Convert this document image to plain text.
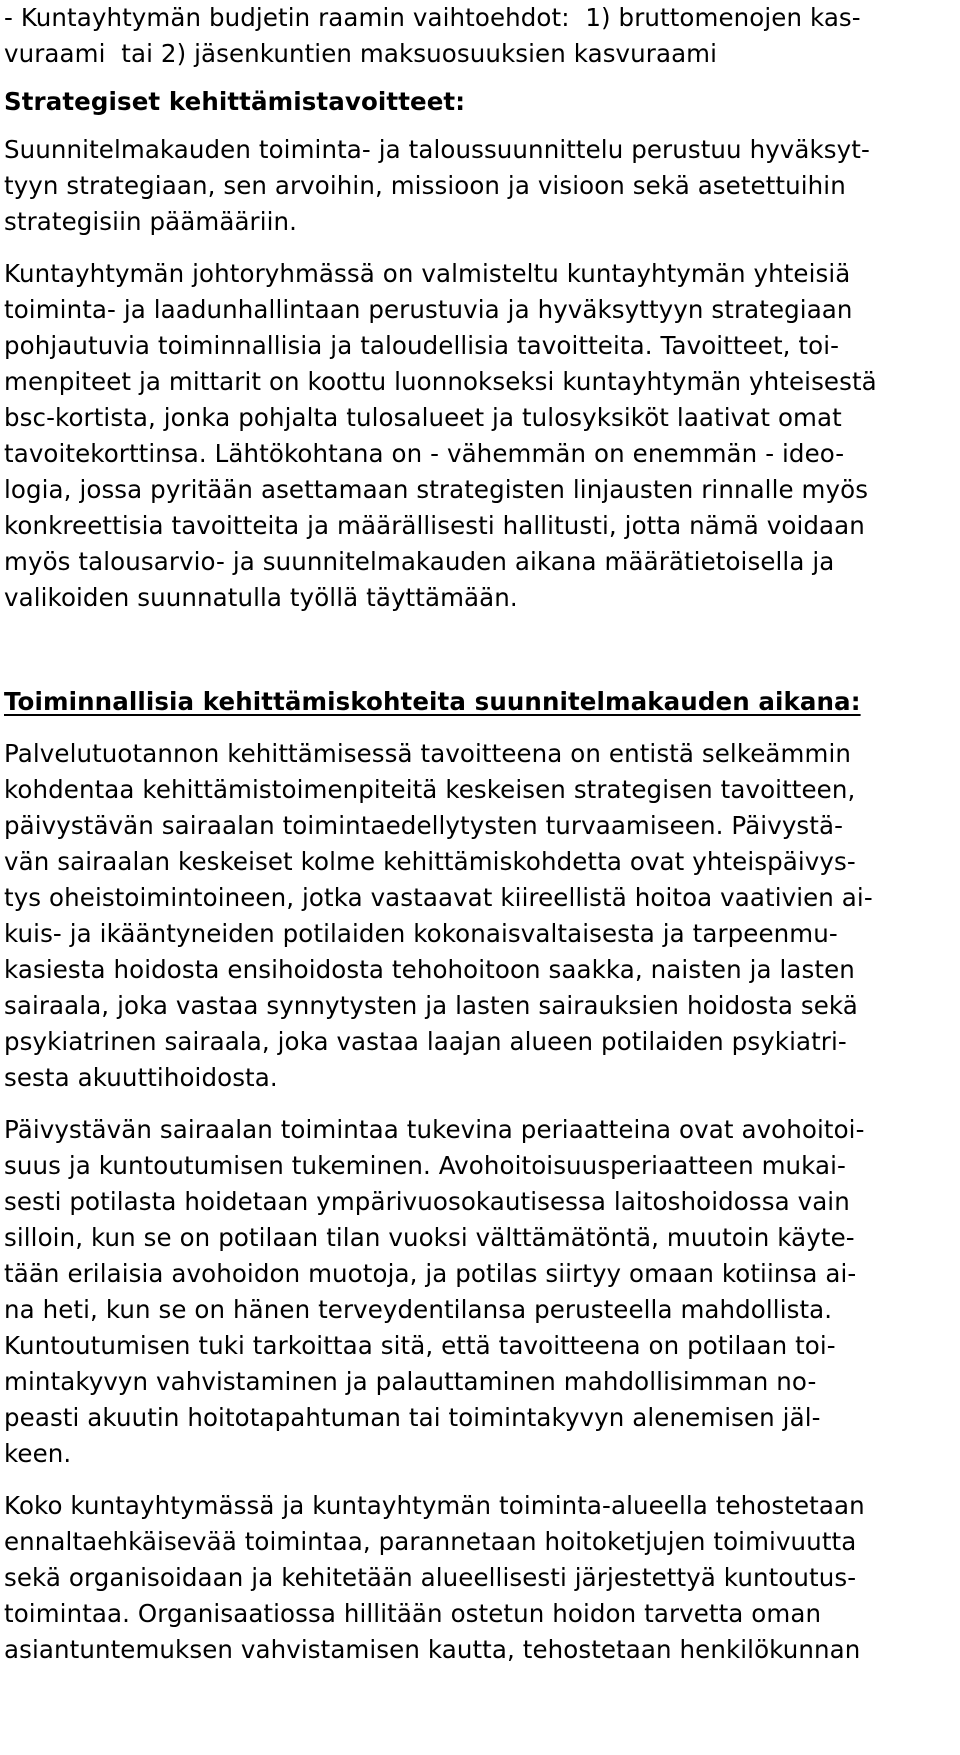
- Kuntayhtymän budjetin raamin vaihtoehdot:  1) bruttomenojen kas-
vuraami  tai 2) jäsenkuntien maksuosuuksien kasvuraami
Strategiset kehittämistavoitteet:
Suunnitelmakauden toiminta- ja taloussuunnittelu perustuu hyväksyt-
tyyn strategiaan, sen arvoihin, missioon ja visioon sekä asetettuihin
strategisiin päämääriin.
Kuntayhtymän johtoryhmässä on valmisteltu kuntayhtymän yhteisiä
toiminta- ja laadunhallintaan perustuvia ja hyväksyttyyn strategiaan
pohjautuvia toiminnallisia ja taloudellisia tavoitteita. Tavoitteet, toi-
menpiteet ja mittarit on koottu luonnokseksi kuntayhtymän yhteisestä
bsc-kortista, jonka pohjalta tulosalueet ja tulosyksiköt laativat omat
tavoitekorttinsa. Lähtökohtana on - vähemmän on enemmän - ideo-
logia, jossa pyritään asettamaan strategisten linjausten rinnalle myös
konkreettisia tavoitteita ja määrällisesti hallitusti, jotta nämä voidaan
myös talousarvio- ja suunnitelmakauden aikana määrätietoisella ja
valikoiden suunnatulla työllä täyttämään.
Toiminnallisia kehittämiskohteita suunnitelmakauden aikana:
Palvelutuotannon kehittämisessä tavoitteena on entistä selkeämmin
kohdentaa kehittämistoimenpiteitä keskeisen strategisen tavoitteen,
päivystävän sairaalan toimintaedellytysten turvaamiseen. Päivystä-
vän sairaalan keskeiset kolme kehittämiskohdetta ovat yhteispäivys-
tys oheistoimintoineen, jotka vastaavat kiireellistä hoitoa vaativien ai-
kuis- ja ikääntyneiden potilaiden kokonaisvaltaisesta ja tarpeenmu-
kasiesta hoidosta ensihoidosta tehohoitoon saakka, naisten ja lasten
sairaala, joka vastaa synnytysten ja lasten sairauksien hoidosta sekä
psykiatrinen sairaala, joka vastaa laajan alueen potilaiden psykiatri-
sesta akuuttihoidosta.
Päivystävän sairaalan toimintaa tukevina periaatteina ovat avohoitoi-
suus ja kuntoutumisen tukeminen. Avohoitoisuusperiaatteen mukai-
sesti potilasta hoidetaan ympärivuosokautisessa laitoshoidossa vain
silloin, kun se on potilaan tilan vuoksi välttämätöntä, muutoin käyte-
tään erilaisia avohoidon muotoja, ja potilas siirtyy omaan kotiinsa ai-
na heti, kun se on hänen terveydentilansa perusteella mahdollista.
Kuntoutumisen tuki tarkoittaa sitä, että tavoitteena on potilaan toi-
mintakyvyn vahvistaminen ja palauttaminen mahdollisimman no-
peasti akuutin hoitotapahtuman tai toimintakyvyn alenemisen jäl-
keen.
Koko kuntayhtymässä ja kuntayhtymän toiminta-alueella tehostetaan
ennaltaehkäisevää toimintaa, parannetaan hoitoketjujen toimivuutta
sekä organisoidaan ja kehitetään alueellisesti järjestettyä kuntoutus-
toimintaa. Organisaatiossa hillitään ostetun hoidon tarvetta oman
asiantuntemuksen vahvistamisen kautta, tehostetaan henkilökunnan
